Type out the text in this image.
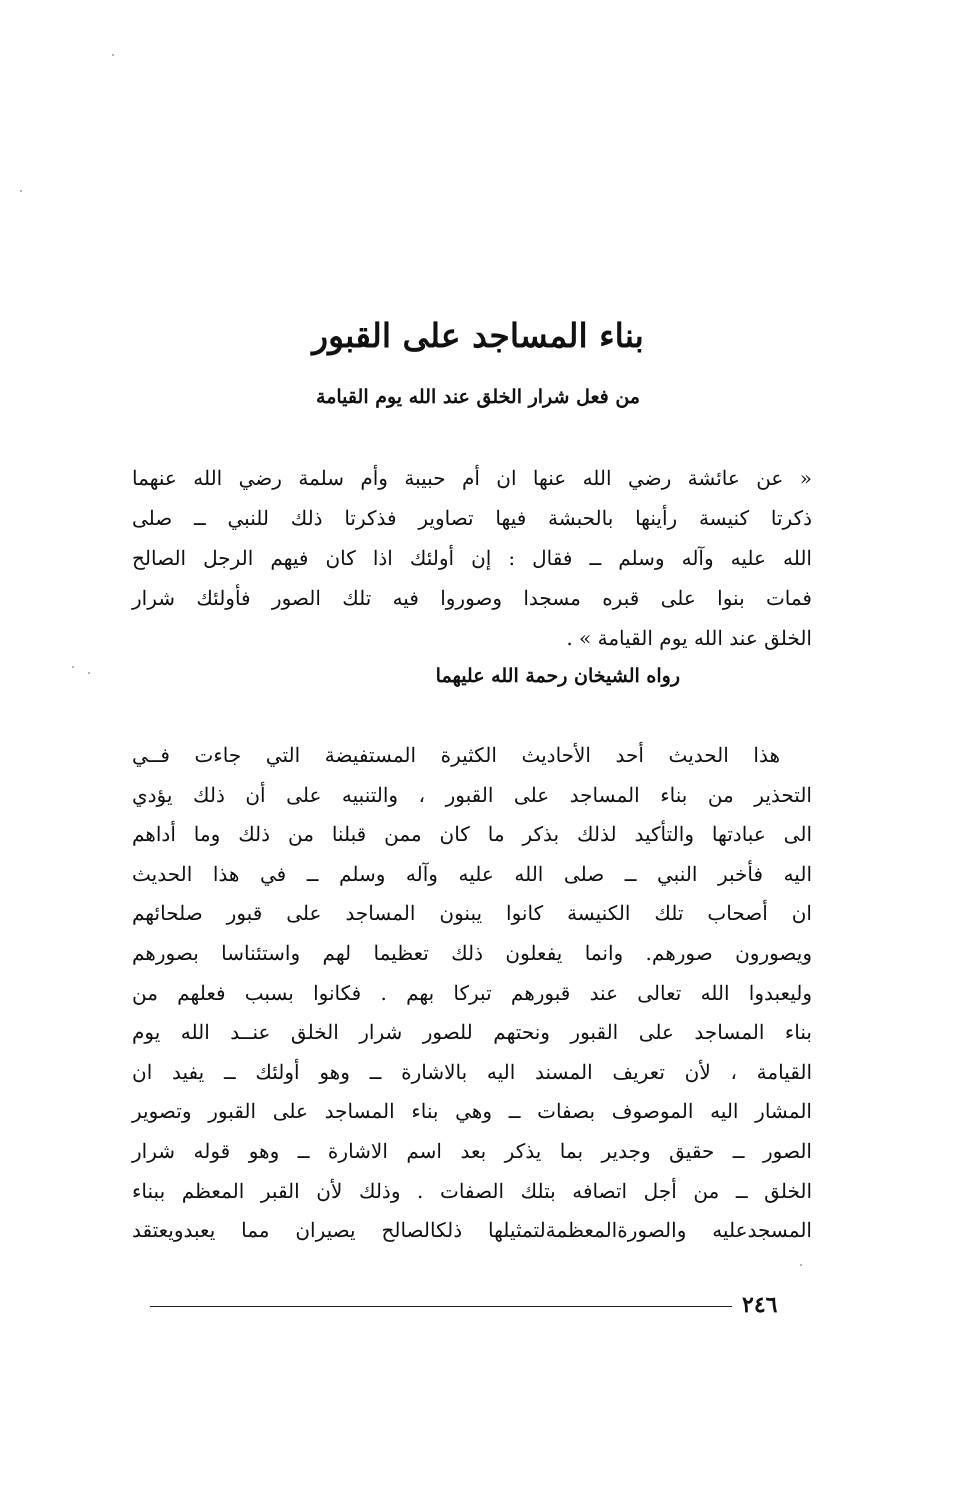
بناء المساجد على القبور
من فعل شرار الخلق عند الله يوم القيامة
« عن عائشة رضي الله عنها ان أم حبيبة وأم سلمة رضي الله عنهما
ذكرتا كنيسة رأينها بالحبشة فيها تصاوير فذكرتا ذلك للنبي ــ صلى
الله عليه وآله وسلم ــ فقال : إن أولئك اذا كان فيهم الرجل الصالح
فمات بنوا على قبره مسجدا وصوروا فيه تلك الصور فأولئك شرار
الخلق عند الله يوم القيامة » .
رواه الشيخان رحمة الله عليهما
هذا الحديث أحد الأحاديث الكثيرة المستفيضة التي جاءت فــي
التحذير من بناء المساجد على القبور ، والتنبيه على أن ذلك يؤدي
الى عبادتها والتأكيد لذلك بذكر ما كان ممن قبلنا من ذلك وما أداهم
اليه فأخبر النبي ــ صلى الله عليه وآله وسلم ــ في هذا الحديث
ان أصحاب تلك الكنيسة كانوا يبنون المساجد على قبور صلحائهم
ويصورون صورهم. وانما يفعلون ذلك تعظيما لهم واستئناسا بصورهم
وليعبدوا الله تعالى عند قبورهم تبركا بهم . فكانوا بسبب فعلهم من
بناء المساجد على القبور ونحتهم للصور شرار الخلق عنــد الله يوم
القيامة ، لأن تعريف المسند اليه بالاشارة ــ وهو أولئك ــ يفيد ان
المشار اليه الموصوف بصفات ــ وهي بناء المساجد على القبور وتصوير
الصور ــ حقيق وجدير بما يذكر بعد اسم الاشارة ــ وهو قوله شرار
الخلق ــ من أجل اتصافه بتلك الصفات . وذلك لأن القبر المعظم ببناء
المسجدعليه والصورةالمعظمةلتمثيلها ذلكالصالح يصيران مما يعبدويعتقد
٢٤٦
